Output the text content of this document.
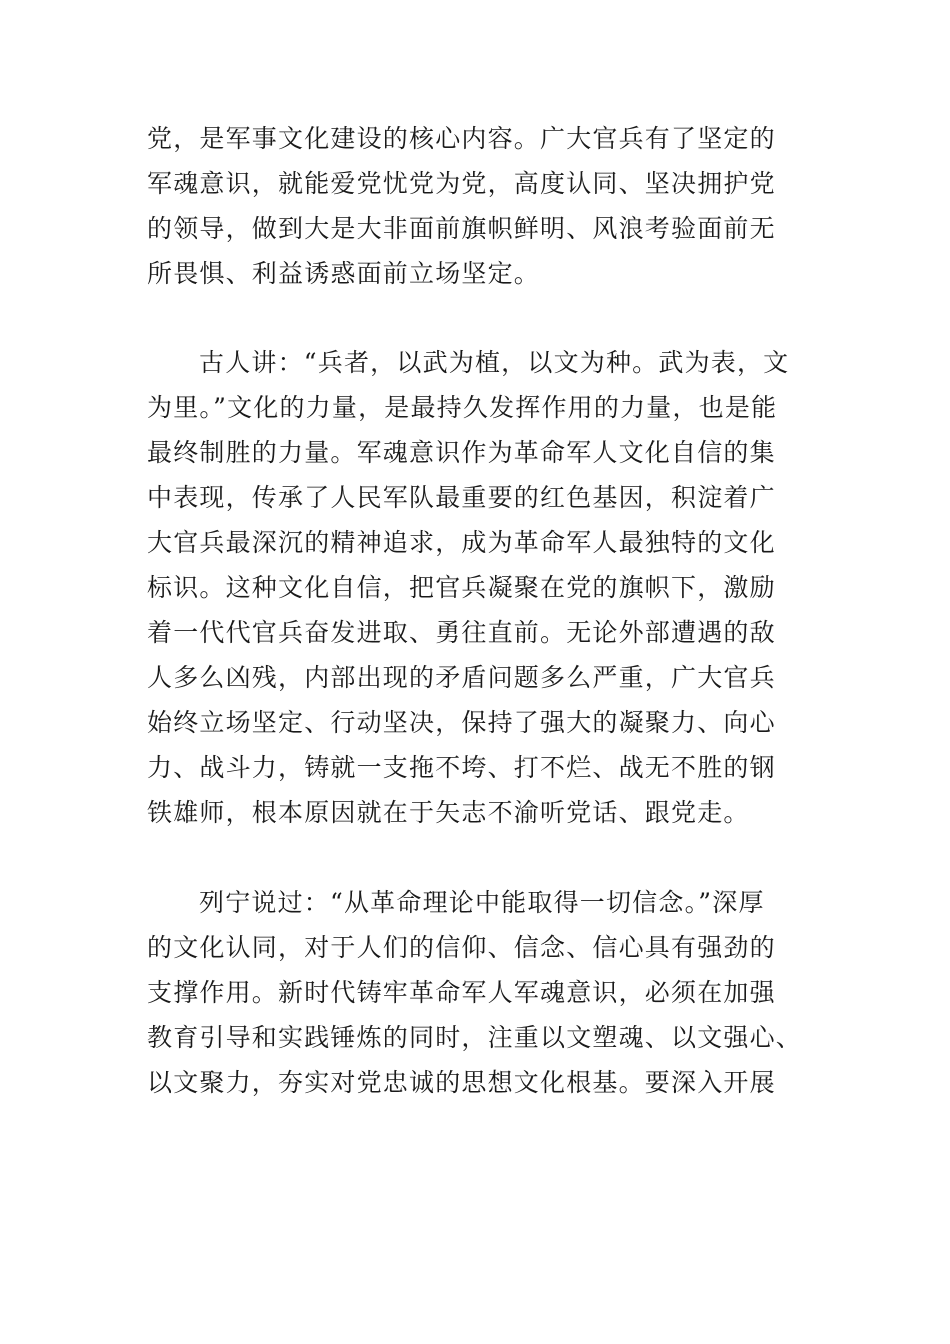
党，是军事文化建设的核心内容。广大官兵有了坚定的
军魂意识，就能爱党忧党为党，高度认同、坚决拥护党
的领导，做到大是大非面前旗帜鲜明、风浪考验面前无
所畏惧、利益诱惑面前立场坚定。
古人讲：“兵者，以武为植，以文为种。武为表，文
为里。”文化的力量，是最持久发挥作用的力量，也是能
最终制胜的力量。军魂意识作为革命军人文化自信的集
中表现，传承了人民军队最重要的红色基因，积淀着广
大官兵最深沉的精神追求，成为革命军人最独特的文化
标识。这种文化自信，把官兵凝聚在党的旗帜下，激励
着一代代官兵奋发进取、勇往直前。无论外部遭遇的敌
人多么凶残，内部出现的矛盾问题多么严重，广大官兵
始终立场坚定、行动坚决，保持了强大的凝聚力、向心
力、战斗力，铸就一支拖不垮、打不烂、战无不胜的钢
铁雄师，根本原因就在于矢志不渝听党话、跟党走。
列宁说过：“从革命理论中能取得一切信念。”深厚
的文化认同，对于人们的信仰、信念、信心具有强劲的
支撑作用。新时代铸牢革命军人军魂意识，必须在加强
教育引导和实践锤炼的同时，注重以文塑魂、以文强心、
以文聚力，夯实对党忠诚的思想文化根基。要深入开展
